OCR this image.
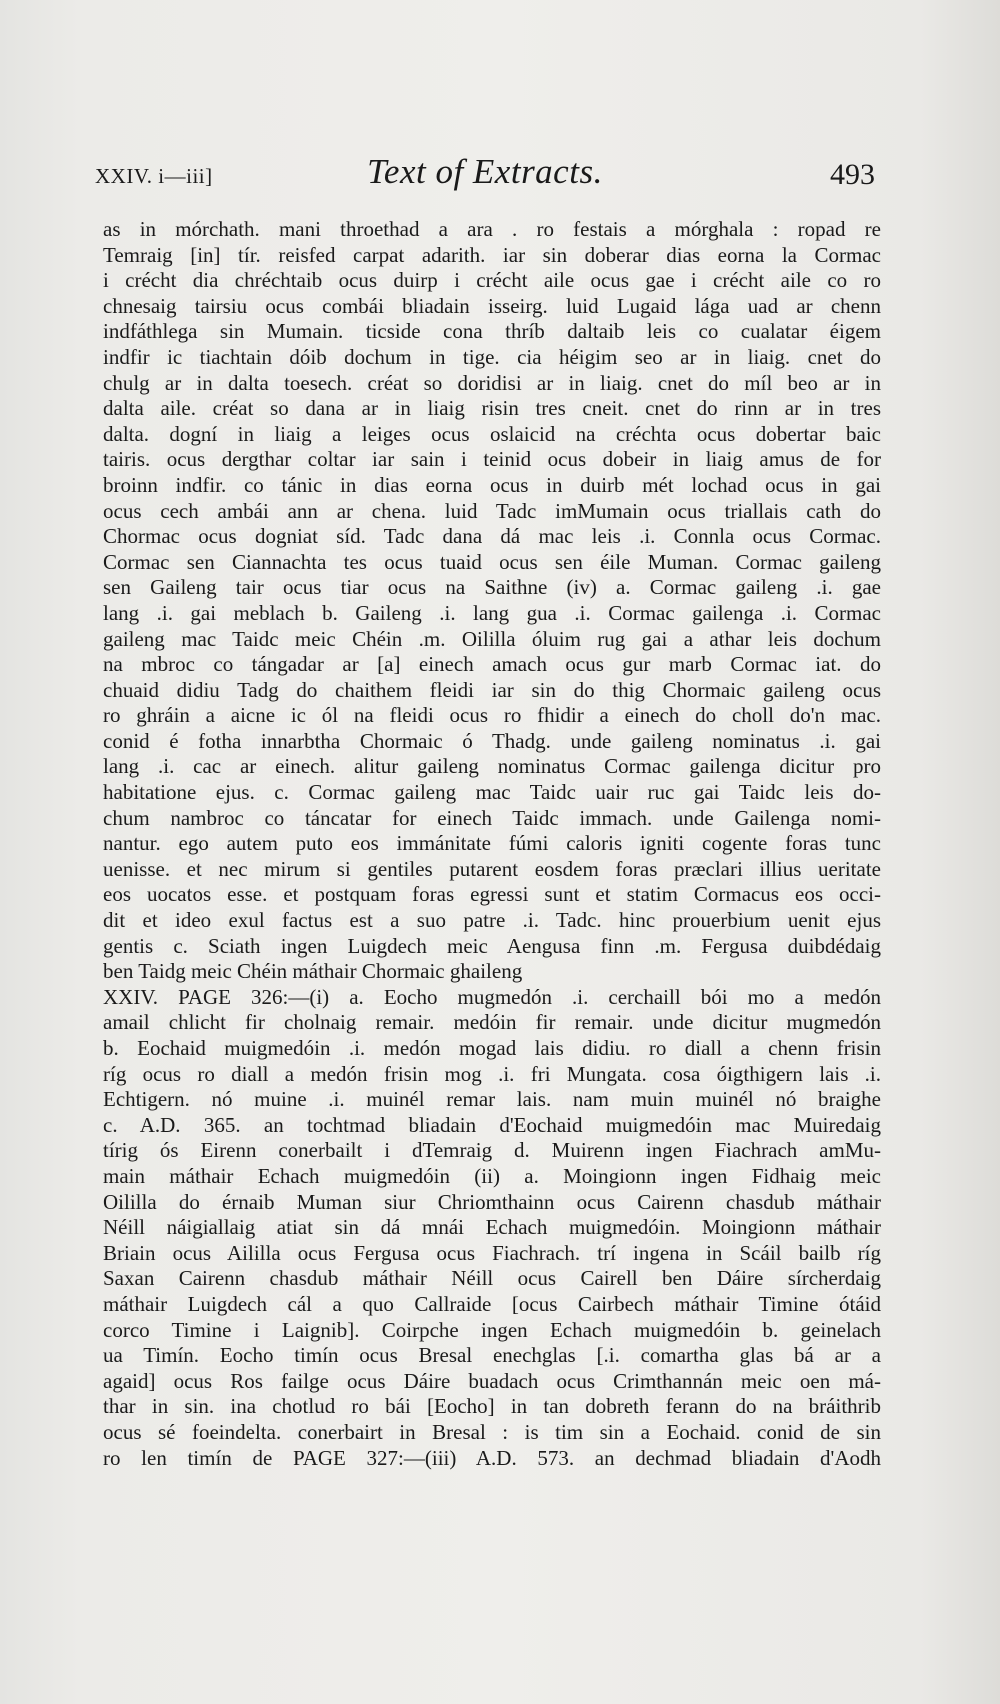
XXIV. i—iii]	Text of Extracts.	493
as in mórchath. mani throethad a ara . ro festais a mórghala : ropad re
Temraig [in] tír. reisfed carpat adarith. iar sin doberar dias eorna la Cormac
i crécht dia chréchtaib ocus duirp i crécht aile ocus gae i crécht aile co ro
chnesaig tairsiu ocus combái bliadain isseirg. luid Lugaid lága uad ar chenn
indfáthlega sin Mumain. ticside cona thríb daltaib leis co cualatar éigem
indfir ic tiachtain dóib dochum in tige. cia héigim seo ar in liaig. cnet do
chulg ar in dalta toesech. créat so doridisi ar in liaig. cnet do míl beo ar in
dalta aile. créat so dana ar in liaig risin tres cneit. cnet do rinn ar in tres
dalta. dogní in liaig a leiges ocus oslaicid na créchta ocus dobertar baic
tairis. ocus dergthar coltar iar sain i teinid ocus dobeir in liaig amus de for
broinn indfir. co tánic in dias eorna ocus in duirb mét lochad ocus in gai
ocus cech ambái ann ar chena. luid Tadc imMumain ocus triallais cath do
Chormac ocus dogniat síd. Tadc dana dá mac leis .i. Connla ocus Cormac.
Cormac sen Ciannachta tes ocus tuaid ocus sen éile Muman. Cormac gaileng
sen Gaileng tair ocus tiar ocus na Saithne (iv) a. Cormac gaileng .i. gae
lang .i. gai meblach b. Gaileng .i. lang gua .i. Cormac gailenga .i. Cormac
gaileng mac Taidc meic Chéin .m. Oilillа óluim rug gai a athar leis dochum
na mbroc co tángadar ar [a] einech amach ocus gur marb Cormac iat. do
chuaid didiu Tadg do chaithem fleidi iar sin do thig Chormaic gaileng ocus
ro ghráin a aicne ic ól na fleidi ocus ro fhidir a einech do choll do'n mac.
conid é fotha innarbtha Chormaic ó Thadg. unde gaileng nominatus .i. gai
lang .i. cac ar einech. alitur gaileng nominatus Cormac gailenga dicitur pro
habitatione ejus. c. Cormac gaileng mac Taidc uair ruc gai Taidc leis do-
chum nambroc co táncatar for einech Taidc immach. unde Gailenga nomi-
nantur. ego autem puto eos immánitate fúmi caloris igniti cogente foras tunc
uenisse. et nec mirum si gentiles putarent eosdem foras præclari illius ueritate
eos uocatos esse. et postquam foras egressi sunt et statim Cormacus eos occi-
dit et ideo exul factus est a suo patre .i. Tadc. hinc prouerbium uenit ejus
gentis c. Sciath ingen Luigdech meic Aengusa finn .m. Fergusa duibdédaig
ben Taidg meic Chéin máthair Chormaic ghaileng
XXIV. PAGE 326:—(i) a. Eocho mugmedón .i. cerchaill bói mo a medón
amail chlicht fir cholnaig remair. medóin fir remair. unde dicitur mugmedón
b. Eochaid muigmedóin .i. medón mogad lais didiu. ro diall a chenn frisin
ríg ocus ro diall a medón frisin mog .i. fri Mungata. cosa óigthigern lais .i.
Echtigern. nó muine .i. muinél remar lais. nam muin muinél nó braighe
c. A.D. 365. an tochtmad bliadain d'Eochaid muigmedóin mac Muiredaig
tírig ós Eirenn conerbailt i dTemraig d. Muirenn ingen Fiachrach amMu-
main máthair Echach muigmedóin (ii) a. Moingionn ingen Fidhaig meic
Oilillа do érnaib Muman siur Chriomthainn ocus Cairenn chasdub máthair
Néill náigiallaig atiat sin dá mnái Echach muigmedóin. Moingionn máthair
Briain ocus Ailillа ocus Fergusa ocus Fiachrach. trí ingena in Scáil bailb ríg
Saxan Cairenn chasdub máthair Néill ocus Cairell ben Dáire sírcherdaig
máthair Luigdech cál a quo Callraide [ocus Cairbech máthair Timine ótáid
corco Timine i Laignib]. Coirpche ingen Echach muigmedóin b. geinelach
ua Timín. Eocho timín ocus Bresal enechglas [.i. comartha glas bá ar a
agaid] ocus Ros failge ocus Dáire buadach ocus Crimthannán meic oen má-
thar in sin. ina chotlud ro bái [Eocho] in tan dobreth ferann do na bráithrib
ocus sé foeindelta. conerbairt in Bresal : is tim sin a Eochaid. conid de sin
ro len timín de PAGE 327:—(iii) A.D. 573. an dechmad bliadain d'Aodh
